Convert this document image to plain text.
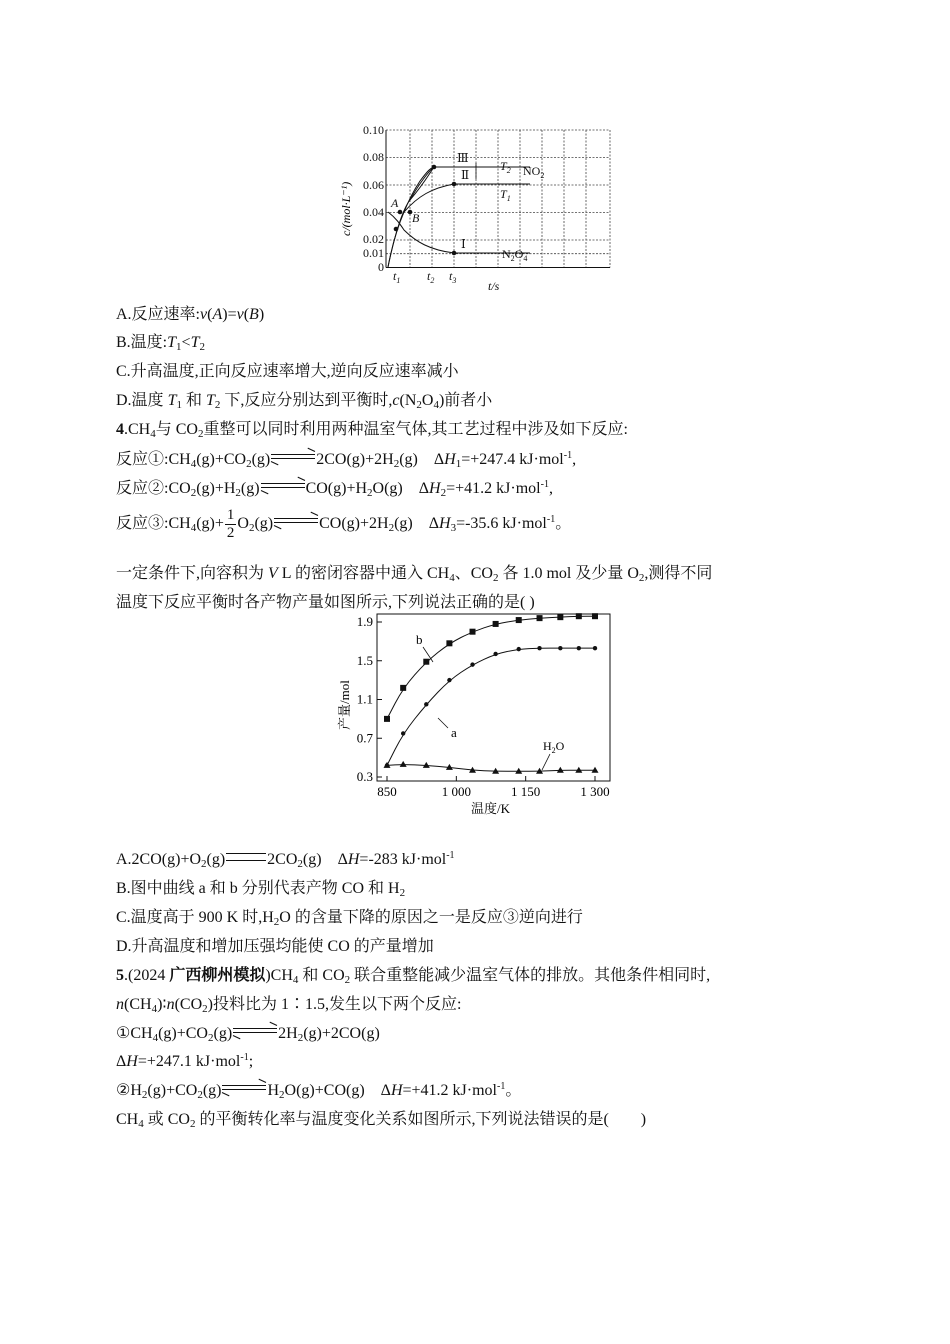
0.10
0.08
0.06
0.04
0.02
0.01
0
c/(mol·L⁻¹)	A
B
Ⅲ
Ⅱ
Ⅰ
$T_2$ $NO_2$
$T_1$
$N_2O_4$
$t_1$ $t_2$ $t_3$	t/s
A.反应速率:v(A)=v(B)
B.温度$:T_1<T_2$
C.升高温度,正向反应速率增大,逆向反应速率减小
D.温度 $T_1$ 和 $T_2$ 下,反应分别达到平衡时$,c(N_2O_4)$前者小
$4.CH_4$与 $CO_2$重整可以同时利用两种温室气体,其工艺过程中涉及如下反应:
反应$①:CH_4(g)+CO_2(g)$	$2CO(g)+2H_2(g)$    $\Delta H_1=+247.4$ kJ·mol$^{-1}$,
反应$②:CO_2(g)+H_2(g)$	$CO(g)+H_2O(g)$    $\Delta H_2=+41.2$ kJ·mol$^{-1}$,
反应$③:CH_4(g)+ \frac{1}{2} O_2(g)$	$CO(g)+2H_2(g)$    $\Delta H_3=-35.6$ kJ·mol$^{-1}$。
一定条件下,向容积为 V L 的密闭容器中通入 $CH_4$、$CO_2$ 各 1.0 mol 及少量 $O_2$,测得不同
温度下反应平衡时各产物产量如图所示,下列说法正确的是( )
1.9
1.5
1.1
0.7
0.3
850	1 000	1 150	1 300
产量/mol
温度/K
b
a
$H_2O$
$A.2CO(g)+O_2(g)$	$2CO_2(g)$    ΔH=-283 kJ·mol$^{-1}$
B.图中曲线 a 和 b 分别代表产物 CO 和 $H_2$
C.温度高于 900 K 时$,H_2O$ 的含量下降的原因之一是反应③逆向进行
D.升高温度和增加压强均能使 CO 的产量增加
5.(2024 广西柳州模拟)$CH_4$ 和 $CO_2$ 联合重整能减少温室气体的排放。其他条件相同时,
$n(CH_4)∶n(CO_2)$投料比为 1∶1.5,发生以下两个反应:
$①CH_4(g)+CO_2(g)$	$2H_2(g)+2CO(g)$
ΔH=+247.1 kJ·mol$^{-1}$;
$②H_2(g)+CO_2(g)$	$H_2O(g)+CO(g)$    ΔH=+41.2 kJ·mol$^{-1}$。
$CH_4$ 或 $CO_2$ 的平衡转化率与温度变化关系如图所示,下列说法错误的是(        )
